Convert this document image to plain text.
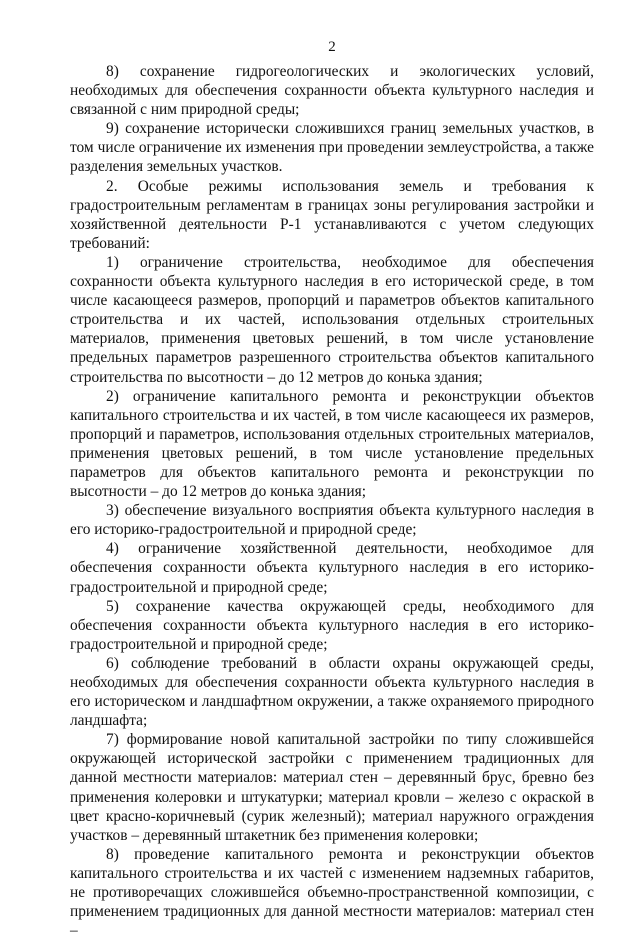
2

8) сохранение гидрогеологических и экологических условий, необходимых для обеспечения сохранности объекта культурного наследия и связанной с ним природной среды;

9) сохранение исторически сложившихся границ земельных участков, в том числе ограничение их изменения при проведении землеустройства, а также разделения земельных участков.

2. Особые режимы использования земель и требования к градостроительным регламентам в границах зоны регулирования застройки и хозяйственной деятельности Р-1 устанавливаются с учетом следующих требований:

1) ограничение строительства, необходимое для обеспечения сохранности объекта культурного наследия в его исторической среде, в том числе касающееся размеров, пропорций и параметров объектов капитального строительства и их частей, использования отдельных строительных материалов, применения цветовых решений, в том числе установление предельных параметров разрешенного строительства объектов капитального строительства по высотности – до 12 метров до конька здания;

2) ограничение капитального ремонта и реконструкции объектов капитального строительства и их частей, в том числе касающееся их размеров, пропорций и параметров, использования отдельных строительных материалов, применения цветовых решений, в том числе установление предельных параметров для объектов капитального ремонта и реконструкции по высотности – до 12 метров до конька здания;

3) обеспечение визуального восприятия объекта культурного наследия в его историко-градостроительной и природной среде;

4) ограничение хозяйственной деятельности, необходимое для обеспечения сохранности объекта культурного наследия в его историко-градостроительной и природной среде;

5) сохранение качества окружающей среды, необходимого для обеспечения сохранности объекта культурного наследия в его историко-градостроительной и природной среде;

6) соблюдение требований в области охраны окружающей среды, необходимых для обеспечения сохранности объекта культурного наследия в его историческом и ландшафтном окружении, а также охраняемого природного ландшафта;

7) формирование новой капитальной застройки по типу сложившейся окружающей исторической застройки с применением традиционных для данной местности материалов: материал стен – деревянный брус, бревно без применения колеровки и штукатурки; материал кровли – железо с окраской в цвет красно-коричневый (сурик железный); материал наружного ограждения участков – деревянный штакетник без применения колеровки;

8) проведение капитального ремонта и реконструкции объектов капитального строительства и их частей с изменением надземных габаритов, не противоречащих сложившейся объемно-пространственной композиции, с применением традиционных для данной местности материалов: материал стен –
